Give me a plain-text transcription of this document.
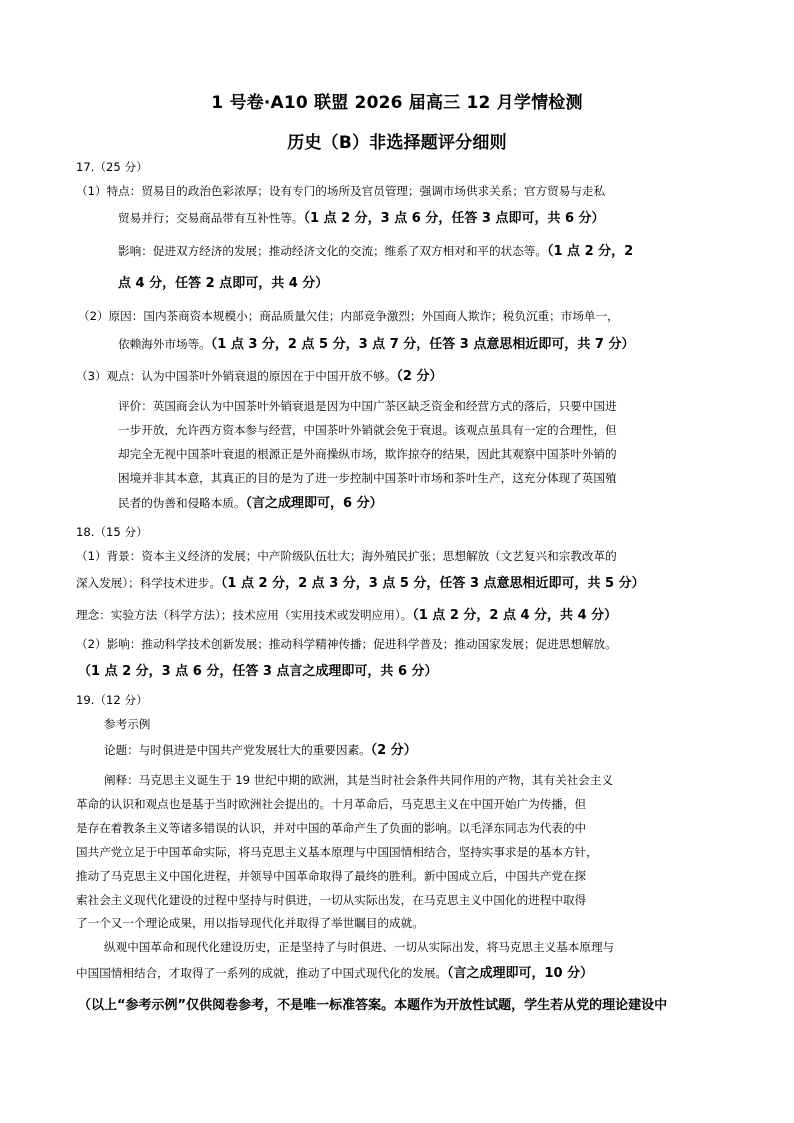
1 号卷·A10 联盟 2026 届高三 12 月学情检测
历史（B）非选择题评分细则
17.（25 分）
（1）特点：贸易目的政治色彩浓厚；设有专门的场所及官员管理；强调市场供求关系；官方贸易与走私
贸易并行；交易商品带有互补性等。（1 点 2 分，3 点 6 分，任答 3 点即可，共 6 分）
影响：促进双方经济的发展；推动经济文化的交流；维系了双方相对和平的状态等。（1 点 2 分，2
点 4 分，任答 2 点即可，共 4 分）
（2）原因：国内茶商资本规模小；商品质量欠佳；内部竞争激烈；外国商人欺诈；税负沉重；市场单一，
依赖海外市场等。（1 点 3 分，2 点 5 分，3 点 7 分，任答 3 点意思相近即可，共 7 分）
（3）观点：认为中国茶叶外销衰退的原因在于中国开放不够。（2 分）
评价：英国商会认为中国茶叶外销衰退是因为中国广茶区缺乏资金和经营方式的落后，只要中国进
一步开放，允许西方资本参与经营，中国茶叶外销就会免于衰退。该观点虽具有一定的合理性，但
却完全无视中国茶叶衰退的根源正是外商操纵市场，欺诈掠夺的结果，因此其观察中国茶叶外销的
困境并非其本意，其真正的目的是为了进一步控制中国茶叶市场和茶叶生产，这充分体现了英国殖
民者的伪善和侵略本质。（言之成理即可，6 分）
18.（15 分）
（1）背景：资本主义经济的发展；中产阶级队伍壮大；海外殖民扩张；思想解放（文艺复兴和宗教改革的
深入发展）；科学技术进步。（1 点 2 分，2 点 3 分，3 点 5 分，任答 3 点意思相近即可，共 5 分）
理念：实验方法（科学方法）；技术应用（实用技术或发明应用）。（1 点 2 分，2 点 4 分，共 4 分）
（2）影响：推动科学技术创新发展；推动科学精神传播；促进科学普及；推动国家发展；促进思想解放。
（1 点 2 分，3 点 6 分，任答 3 点言之成理即可，共 6 分）
19.（12 分）
参考示例
论题：与时俱进是中国共产党发展壮大的重要因素。（2 分）
阐释：马克思主义诞生于 19 世纪中期的欧洲，其是当时社会条件共同作用的产物，其有关社会主义
革命的认识和观点也是基于当时欧洲社会提出的。十月革命后，马克思主义在中国开始广为传播，但
是存在着教条主义等诸多错误的认识，并对中国的革命产生了负面的影响。以毛泽东同志为代表的中
国共产党立足于中国革命实际，将马克思主义基本原理与中国国情相结合，坚持实事求是的基本方针，
推动了马克思主义中国化进程，并领导中国革命取得了最终的胜利。新中国成立后，中国共产党在探
索社会主义现代化建设的过程中坚持与时俱进，一切从实际出发，在马克思主义中国化的进程中取得
了一个又一个理论成果，用以指导现代化并取得了举世瞩目的成就。
纵观中国革命和现代化建设历史，正是坚持了与时俱进、一切从实际出发，将马克思主义基本原理与
中国国情相结合，才取得了一系列的成就，推动了中国式现代化的发展。（言之成理即可，10 分）
（以上“参考示例”仅供阅卷参考，不是唯一标准答案。本题作为开放性试题，学生若从党的理论建设中
